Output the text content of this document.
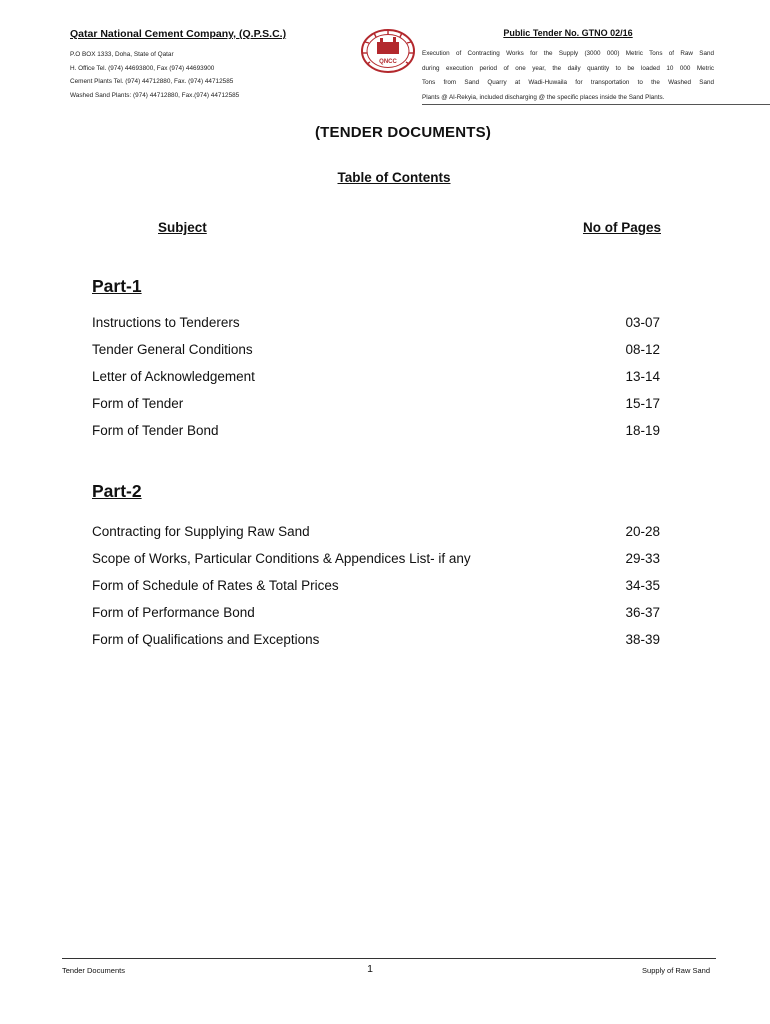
Qatar National Cement Company, (Q.P.S.C.)
P.O BOX 1333, Doha, State of Qatar
H. Office Tel. (974) 44693800, Fax (974) 44693900
Cement Plants Tel. (974) 44712880, Fax. (974) 44712585
Washed Sand Plants: (974) 44712880, Fax.(974) 44712585
QNCC
Public Tender No. GTNO 02/16
Execution of Contracting Works for the Supply (3000 000) Metric Tons of Raw Sand
during execution period of one year, the daily quantity to be loaded 10 000 Metric
Tons from Sand Quarry at Wadi-Huwaila for transportation to the Washed Sand
Plants @ Al-Rekyia, included discharging @ the specific places inside the Sand Plants.
(TENDER DOCUMENTS)
Table of Contents
Subject	No of Pages
Part-1
Instructions to Tenderers	03-07
Tender General Conditions	08-12
Letter of Acknowledgement	13-14
Form of Tender	15-17
Form of Tender Bond	18-19
Part-2
Contracting for Supplying Raw Sand	20-28
Scope of Works, Particular Conditions & Appendices List- if any	29-33
Form of Schedule of Rates & Total Prices	34-35
Form of Performance Bond	36-37
Form of Qualifications and Exceptions	38-39
Tender Documents	1	Supply of Raw Sand
